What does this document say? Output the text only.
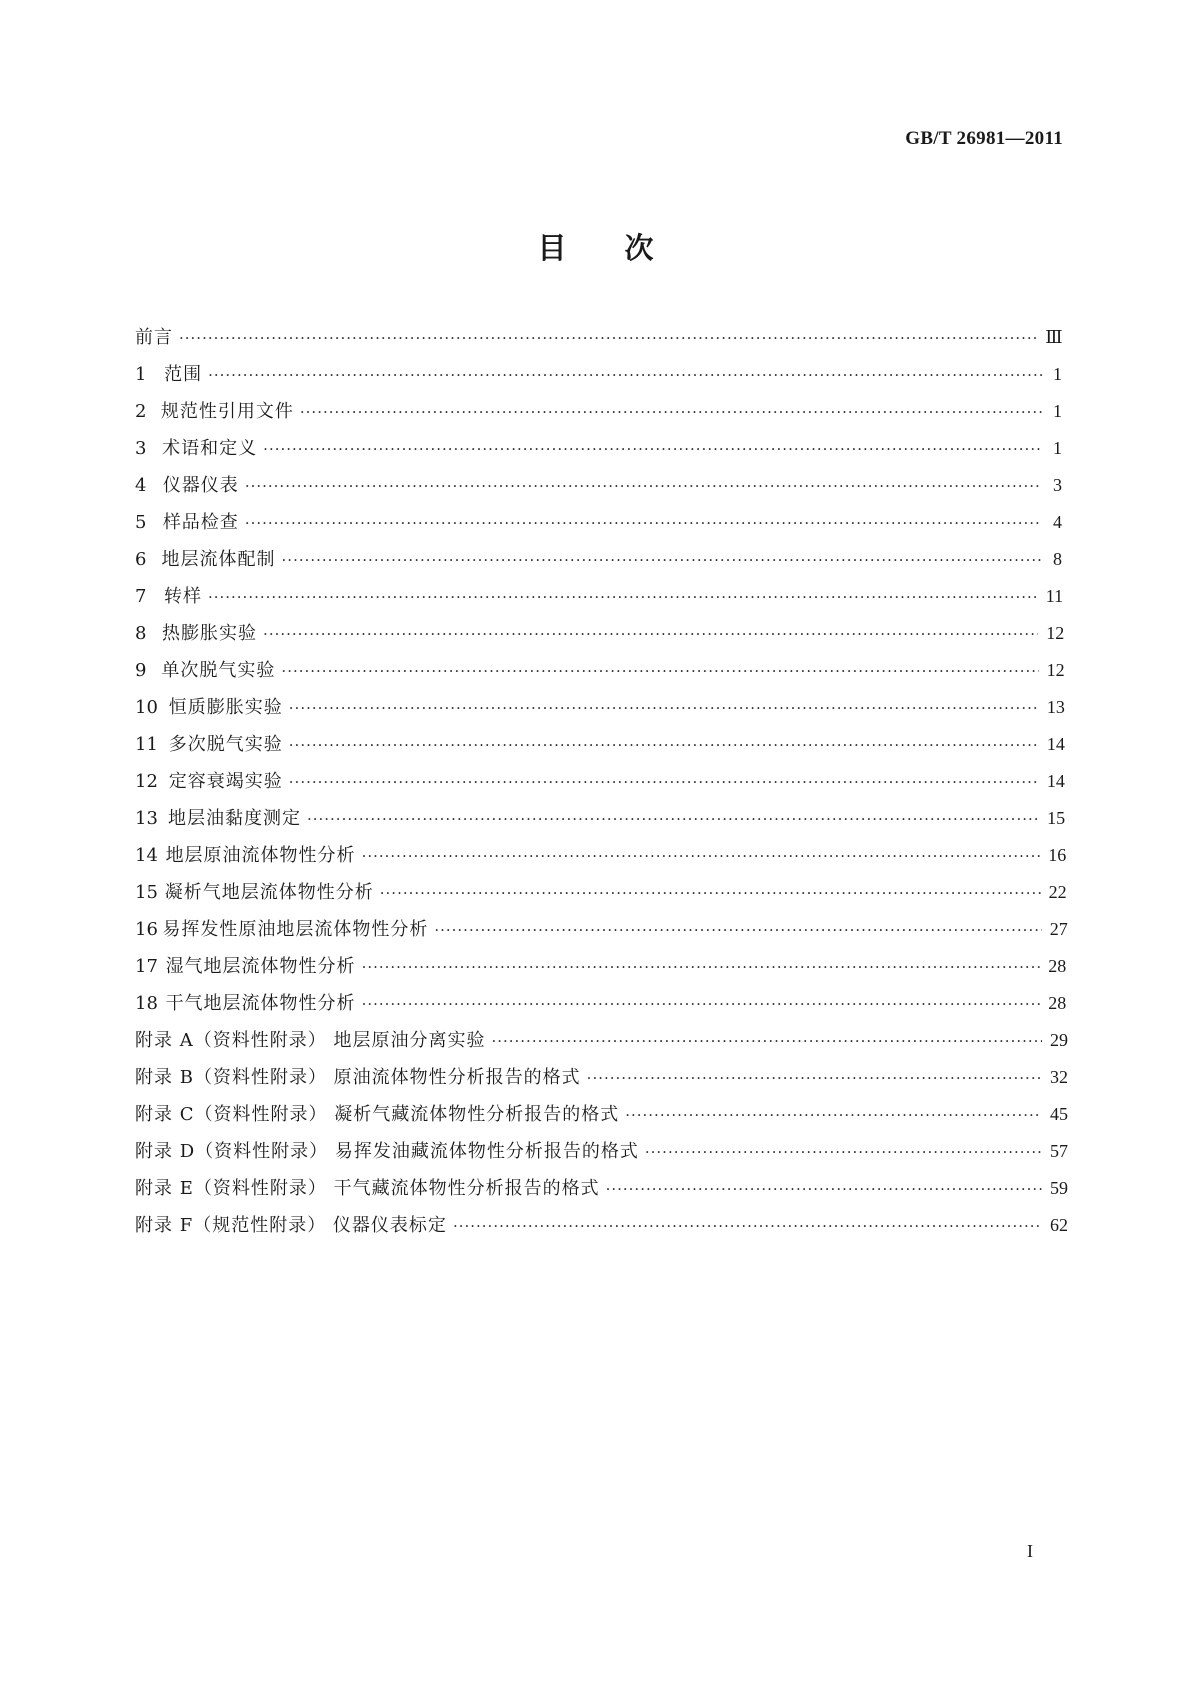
GB/T 26981—2011
目次
前言 ·····	Ⅲ
1 范围 ·····	1
2 规范性引用文件 ·····	1
3 术语和定义 ·····	1
4 仪器仪表 ·····	3
5 样品检查 ·····	4
6 地层流体配制 ·····	8
7 转样 ·····	11
8 热膨胀实验 ·····	12
9 单次脱气实验 ·····	12
10 恒质膨胀实验 ·····	13
11 多次脱气实验 ·····	14
12 定容衰竭实验 ·····	14
13 地层油黏度测定 ·····	15
14 地层原油流体物性分析 ·····	16
15 凝析气地层流体物性分析 ·····	22
16 易挥发性原油地层流体物性分析 ·····	27
17 湿气地层流体物性分析 ·····	28
18 干气地层流体物性分析 ·····	28
附录 A（资料性附录） 地层原油分离实验 ·····	29
附录 B（资料性附录） 原油流体物性分析报告的格式 ·····	32
附录 C（资料性附录） 凝析气藏流体物性分析报告的格式 ·····	45
附录 D（资料性附录） 易挥发油藏流体物性分析报告的格式 ·····	57
附录 E（资料性附录） 干气藏流体物性分析报告的格式 ·····	59
附录 F（规范性附录） 仪器仪表标定 ·····	62
I
